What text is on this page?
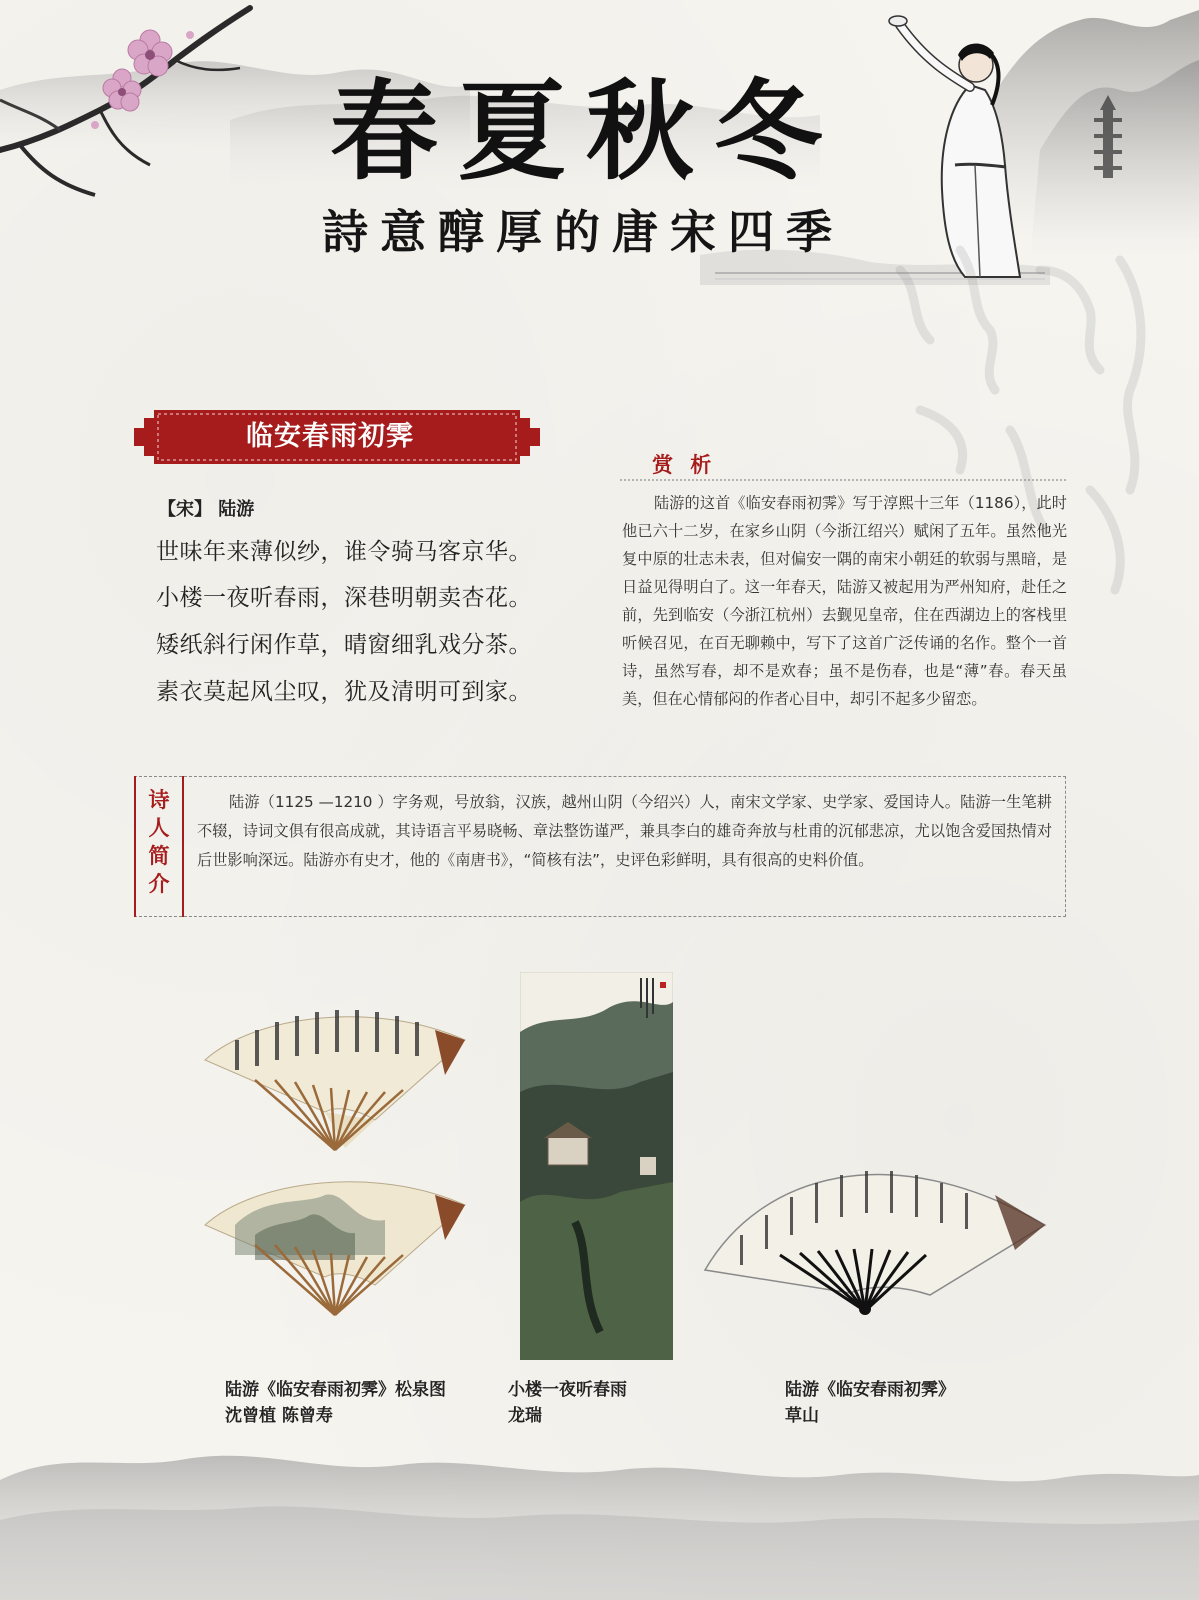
春夏秋冬
詩意醇厚的唐宋四季
临安春雨初霁
【宋】 陆游
世味年来薄似纱，谁令骑马客京华。
小楼一夜听春雨，深巷明朝卖杏花。
矮纸斜行闲作草，晴窗细乳戏分茶。
素衣莫起风尘叹，犹及清明可到家。
赏 析
陆游的这首《临安春雨初霁》写于淳熙十三年（1186），此时他已六十二岁，在家乡山阴（今浙江绍兴）赋闲了五年。虽然他光复中原的壮志未表，但对偏安一隅的南宋小朝廷的软弱与黑暗，是日益见得明白了。这一年春天，陆游又被起用为严州知府，赴任之前，先到临安（今浙江杭州）去觐见皇帝，住在西湖边上的客栈里听候召见，在百无聊赖中，写下了这首广泛传诵的名作。整个一首诗，虽然写春，却不是欢春；虽不是伤春，也是“薄”春。春天虽美，但在心情郁闷的作者心目中，却引不起多少留恋。
诗
人
简
介
陆游（1125 —1210 ）字务观，号放翁，汉族，越州山阴（今绍兴）人，南宋文学家、史学家、爱国诗人。陆游一生笔耕不辍，诗词文俱有很高成就，其诗语言平易晓畅、章法整饬谨严，兼具李白的雄奇奔放与杜甫的沉郁悲凉，尤以饱含爱国热情对后世影响深远。陆游亦有史才，他的《南唐书》，“简核有法”，史评色彩鲜明，具有很高的史料价值。
陆游《临安春雨初霁》松泉图
沈曾植 陈曾寿
小楼一夜听春雨
龙瑞
陆游《临安春雨初霁》
草山
